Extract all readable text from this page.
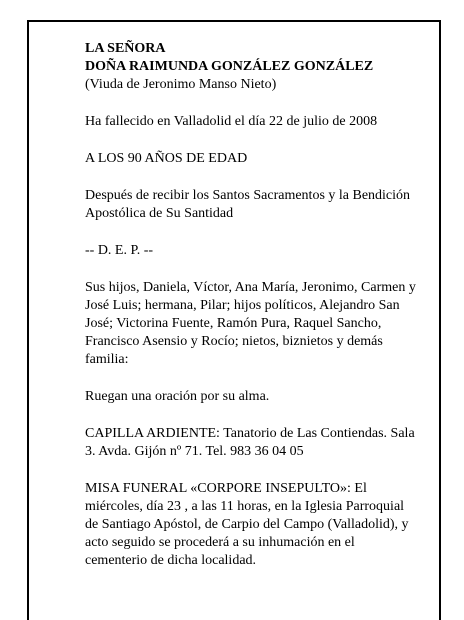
LA SEÑORA
DOÑA RAIMUNDA GONZÁLEZ GONZÁLEZ
(Viuda de Jeronimo Manso Nieto)

Ha fallecido en Valladolid el día 22 de julio de 2008

A LOS 90 AÑOS DE EDAD

Después de recibir los Santos Sacramentos y la Bendición Apostólica de Su Santidad

-- D. E. P. --

Sus hijos, Daniela, Víctor, Ana María, Jeronimo, Carmen y José Luis; hermana, Pilar; hijos políticos, Alejandro San José; Victorina Fuente, Ramón Pura, Raquel Sancho, Francisco Asensio y Rocío; nietos, biznietos y demás familia:

Ruegan una oración por su alma.

CAPILLA ARDIENTE: Tanatorio de Las Contiendas. Sala 3. Avda. Gijón nº 71. Tel. 983 36 04 05

MISA FUNERAL «CORPORE INSEPULTO»: El miércoles, día 23 , a las 11 horas, en la Iglesia Parroquial de Santiago Apóstol, de Carpio del Campo (Valladolid), y acto seguido se procederá a su inhumación en el cementerio de dicha localidad.
